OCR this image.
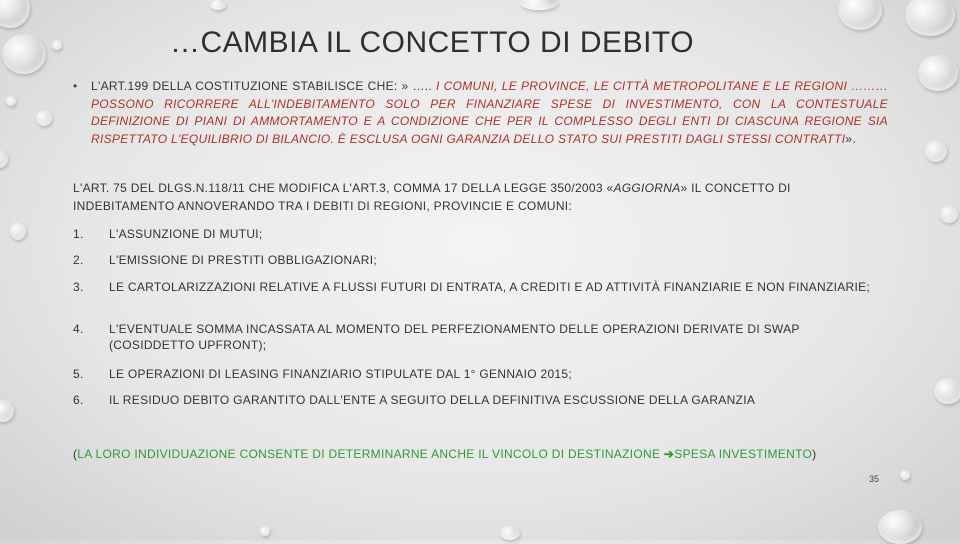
…CAMBIA IL CONCETTO DI DEBITO
• L'ART.199 DELLA COSTITUZIONE STABILISCE CHE: » ….. I COMUNI, LE PROVINCE, LE CITTÀ METROPOLITANE E LE REGIONI ………POSSONO RICORRERE ALL'INDEBITAMENTO SOLO PER FINANZIARE SPESE DI INVESTIMENTO, CON LA CONTESTUALE DEFINIZIONE DI PIANI DI AMMORTAMENTO E A CONDIZIONE CHE PER IL COMPLESSO DEGLI ENTI DI CIASCUNA REGIONE SIA RISPETTATO L'EQUILIBRIO DI BILANCIO. È ESCLUSA OGNI GARANZIA DELLO STATO SUI PRESTITI DAGLI STESSI CONTRATTI».
L'ART. 75 DEL DLGS.N.118/11 CHE MODIFICA L'ART.3, COMMA 17 DELLA LEGGE 350/2003 «AGGIORNA» IL CONCETTO DI INDEBITAMENTO ANNOVERANDO TRA I DEBITI DI REGIONI, PROVINCIE E COMUNI:
1. L'ASSUNZIONE DI MUTUI;
2. L'EMISSIONE DI PRESTITI OBBLIGAZIONARI;
3. LE CARTOLARIZZAZIONI RELATIVE A FLUSSI FUTURI DI ENTRATA, A CREDITI E AD ATTIVITÀ FINANZIARIE E NON FINANZIARIE;
4. L'EVENTUALE SOMMA INCASSATA AL MOMENTO DEL PERFEZIONAMENTO DELLE OPERAZIONI DERIVATE DI SWAP (COSIDDETTO UPFRONT);
5. LE OPERAZIONI DI LEASING FINANZIARIO STIPULATE DAL 1° GENNAIO 2015;
6. IL RESIDUO DEBITO GARANTITO DALL'ENTE A SEGUITO DELLA DEFINITIVA ESCUSSIONE DELLA GARANZIA
(LA LORO INDIVIDUAZIONE CONSENTE DI DETERMINARNE ANCHE IL VINCOLO DI DESTINAZIONE ➔SPESA INVESTIMENTO)
35
